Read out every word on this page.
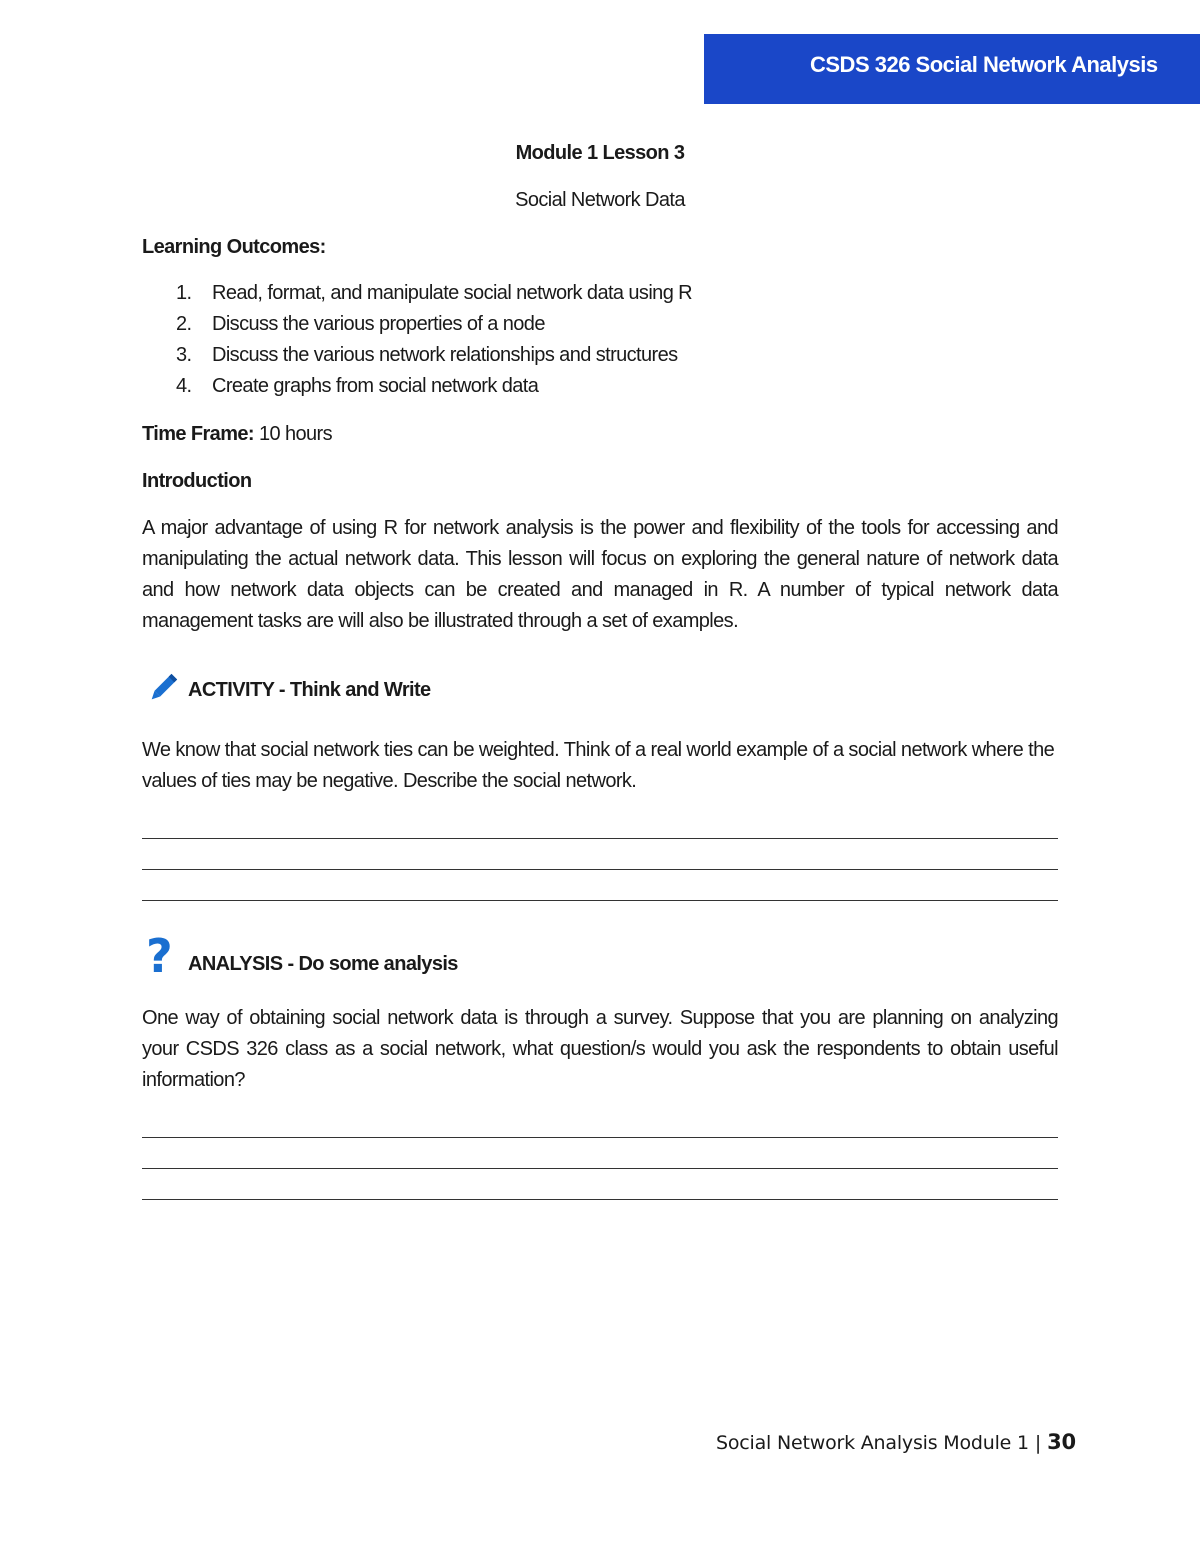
CSDS 326 Social Network Analysis
Module 1 Lesson 3
Social Network Data
Learning Outcomes:
1. Read, format, and manipulate social network data using R
2. Discuss the various properties of a node
3. Discuss the various network relationships and structures
4. Create graphs from social network data
Time Frame: 10 hours
Introduction

A major advantage of using R for network analysis is the power and flexibility of the tools for accessing and manipulating the actual network data. This lesson will focus on exploring the general nature of network data and how network data objects can be created and managed in R. A number of typical network data management tasks are will also be illustrated through a set of examples.

ACTIVITY - Think and Write

We know that social network ties can be weighted. Think of a real world example of a social network where the values of ties may be negative. Describe the social network.

? ANALYSIS - Do some analysis

One way of obtaining social network data is through a survey. Suppose that you are planning on analyzing your CSDS 326 class as a social network, what question/s would you ask the respondents to obtain useful information?

Social Network Analysis Module 1 | 30
